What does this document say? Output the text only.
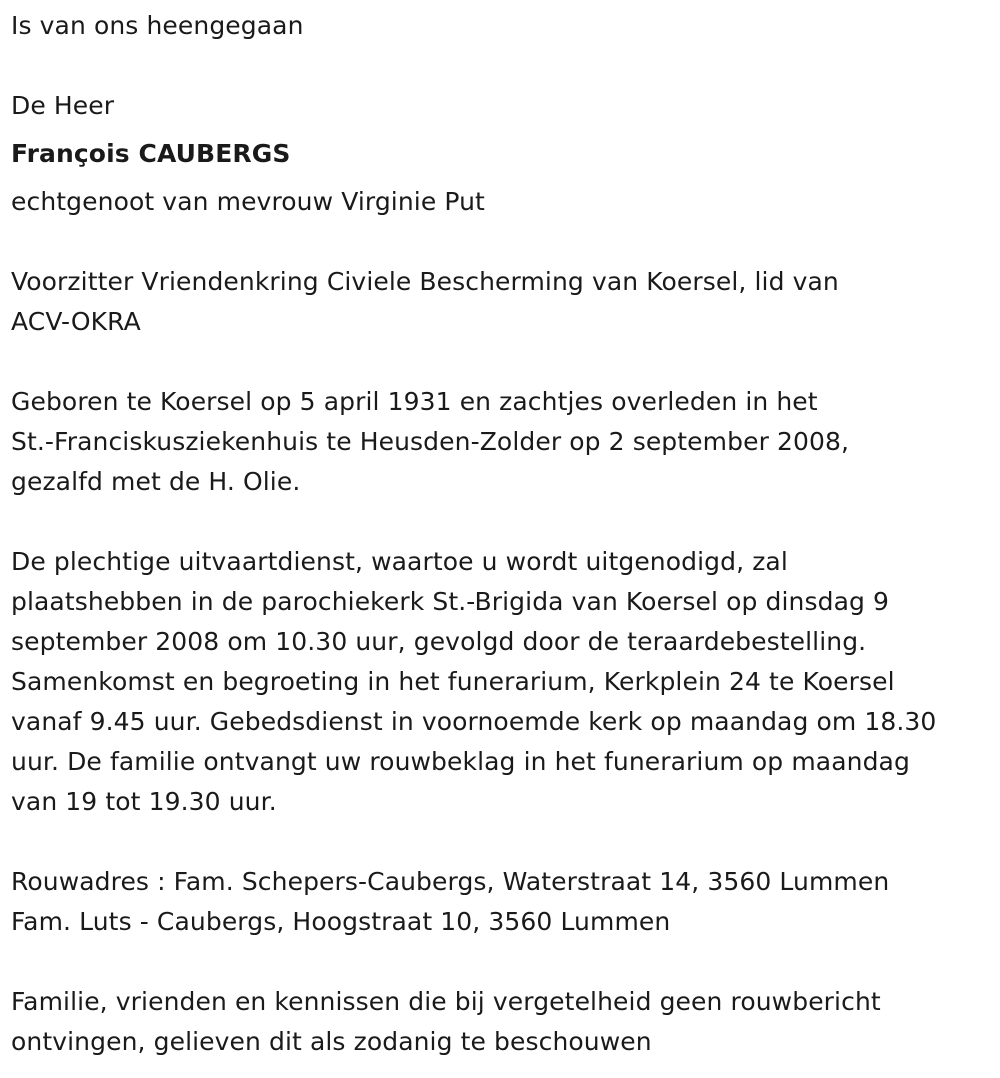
Is van ons heengegaan

De Heer

François CAUBERGS

echtgenoot van mevrouw Virginie Put

Voorzitter Vriendenkring Civiele Bescherming van Koersel, lid van

ACV-OKRA

Geboren te Koersel op 5 april 1931 en zachtjes overleden in het

St.-Franciskusziekenhuis te Heusden-Zolder op 2 september 2008,

gezalfd met de H. Olie.

De plechtige uitvaartdienst, waartoe u wordt uitgenodigd, zal

plaatshebben in de parochiekerk St.-Brigida van Koersel op dinsdag 9

september 2008 om 10.30 uur, gevolgd door de teraardebestelling.

Samenkomst en begroeting in het funerarium, Kerkplein 24 te Koersel

vanaf 9.45 uur. Gebedsdienst in voornoemde kerk op maandag om 18.30

uur. De familie ontvangt uw rouwbeklag in het funerarium op maandag

van 19 tot 19.30 uur.

Rouwadres : Fam. Schepers-Caubergs, Waterstraat 14, 3560 Lummen

Fam. Luts - Caubergs, Hoogstraat 10, 3560 Lummen

Familie, vrienden en kennissen die bij vergetelheid geen rouwbericht

ontvingen, gelieven dit als zodanig te beschouwen
